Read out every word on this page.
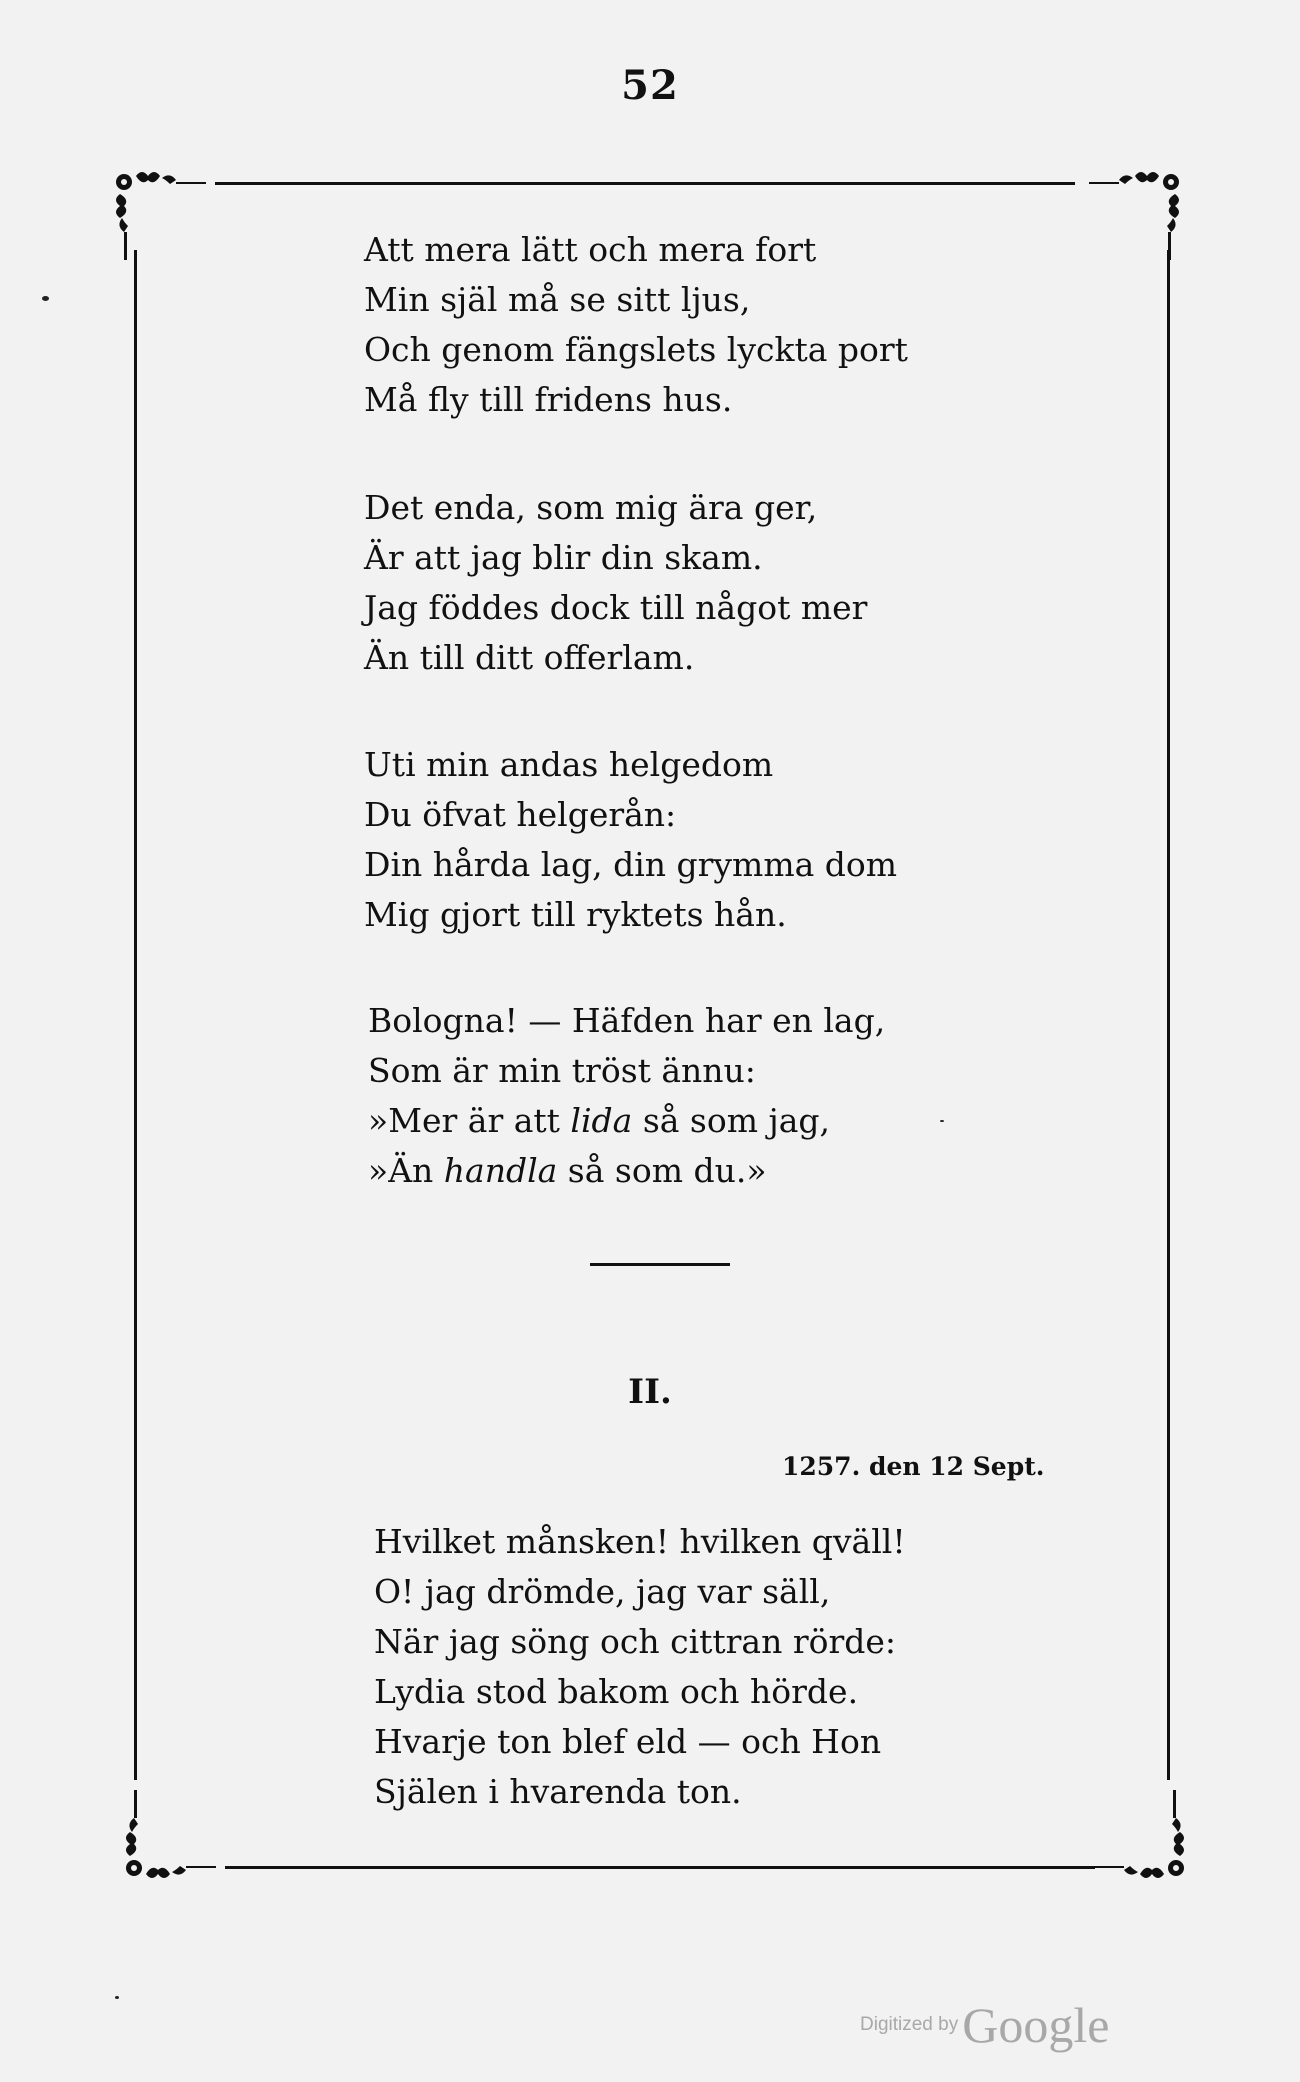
52
Att mera lätt och mera fort
Min själ må se sitt ljus,
Och genom fängslets lyckta port
Må fly till fridens hus.
Det enda, som mig ära ger,
Är att jag blir din skam.
Jag föddes dock till något mer
Än till ditt offerlam.
Uti min andas helgedom
Du öfvat helgerån:
Din hårda lag, din grymma dom
Mig gjort till ryktets hån.
Bologna! — Häfden har en lag,
Som är min tröst ännu:
»Mer är att lida så som jag,
»Än handla så som du.»
II.
1257. den 12 Sept.
Hvilket månsken! hvilken qväll!
O! jag drömde, jag var säll,
När jag söng och cittran rörde:
Lydia stod bakom och hörde.
Hvarje ton blef eld — och Hon
Själen i hvarenda ton.
Digitized byGoogle
